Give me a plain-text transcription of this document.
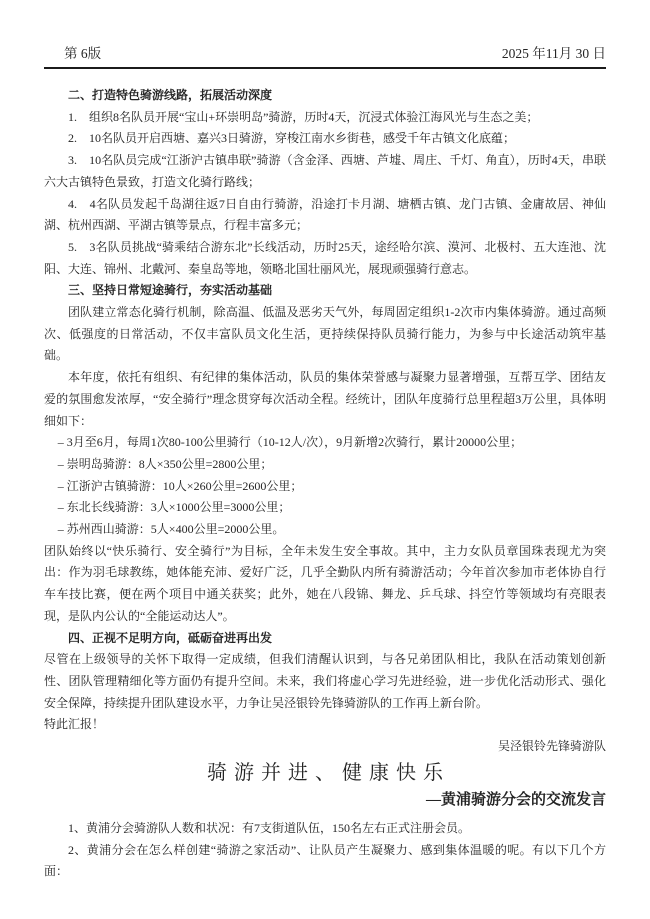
第 6版	2025 年11月 30 日

二、打造特色骑游线路，拓展活动深度

1.　组织8名队员开展“宝山+环崇明岛”骑游，历时4天，沉浸式体验江海风光与生态之美；

2.　10名队员开启西塘、嘉兴3日骑游，穿梭江南水乡街巷，感受千年古镇文化底蕴；

3.　10名队员完成“江浙沪古镇串联”骑游（含金泽、西塘、芦墟、周庄、千灯、角直），历时4天，串联六大古镇特色景致，打造文化骑行路线；

4.　4名队员发起千岛湖往返7日自由行骑游，沿途打卡月湖、塘栖古镇、龙门古镇、金庸故居、神仙湖、杭州西湖、平湖古镇等景点，行程丰富多元；

5.　3名队员挑战“骑乘结合游东北”长线活动，历时25天，途经哈尔滨、漠河、北极村、五大连池、沈阳、大连、锦州、北戴河、秦皇岛等地，领略北国壮丽风光，展现顽强骑行意志。

三、坚持日常短途骑行，夯实活动基础

团队建立常态化骑行机制，除高温、低温及恶劣天气外，每周固定组织1-2次市内集体骑游。通过高频次、低强度的日常活动，不仅丰富队员文化生活，更持续保持队员骑行能力，为参与中长途活动筑牢基础。

本年度，依托有组织、有纪律的集体活动，队员的集体荣誉感与凝聚力显著增强，互帮互学、团结友爱的氛围愈发浓厚，“安全骑行”理念贯穿每次活动全程。经统计，团队年度骑行总里程超3万公里，具体明细如下：

– 3月至6月，每周1次80-100公里骑行（10-12人/次），9月新增2次骑行，累计20000公里；

– 崇明岛骑游：8人×350公里=2800公里；

– 江浙沪古镇骑游：10人×260公里=2600公里；

– 东北长线骑游：3人×1000公里=3000公里；

– 苏州西山骑游：5人×400公里=2000公里。

团队始终以“快乐骑行、安全骑行”为目标，全年未发生安全事故。其中，主力女队员章国珠表现尤为突出：作为羽毛球教练，她体能充沛、爱好广泛，几乎全勤队内所有骑游活动；今年首次参加市老体协自行车车技比赛，便在两个项目中通关获奖；此外，她在八段锦、舞龙、乒乓球、抖空竹等领域均有亮眼表现，是队内公认的“全能运动达人”。

四、正视不足明方向，砥砺奋进再出发

尽管在上级领导的关怀下取得一定成绩，但我们清醒认识到，与各兄弟团队相比，我队在活动策划创新性、团队管理精细化等方面仍有提升空间。未来，我们将虚心学习先进经验，进一步优化活动形式、强化安全保障，持续提升团队建设水平，力争让吴泾银铃先锋骑游队的工作再上新台阶。

特此汇报！

吴泾银铃先锋骑游队

骑游并进、健康快乐

—黄浦骑游分会的交流发言

1、黄浦分会骑游队人数和状况：有7支街道队伍，150名左右正式注册会员。

2、黄浦分会在怎么样创建“骑游之家活动”、让队员产生凝聚力、感到集体温暖的呢。有以下几个方面：
